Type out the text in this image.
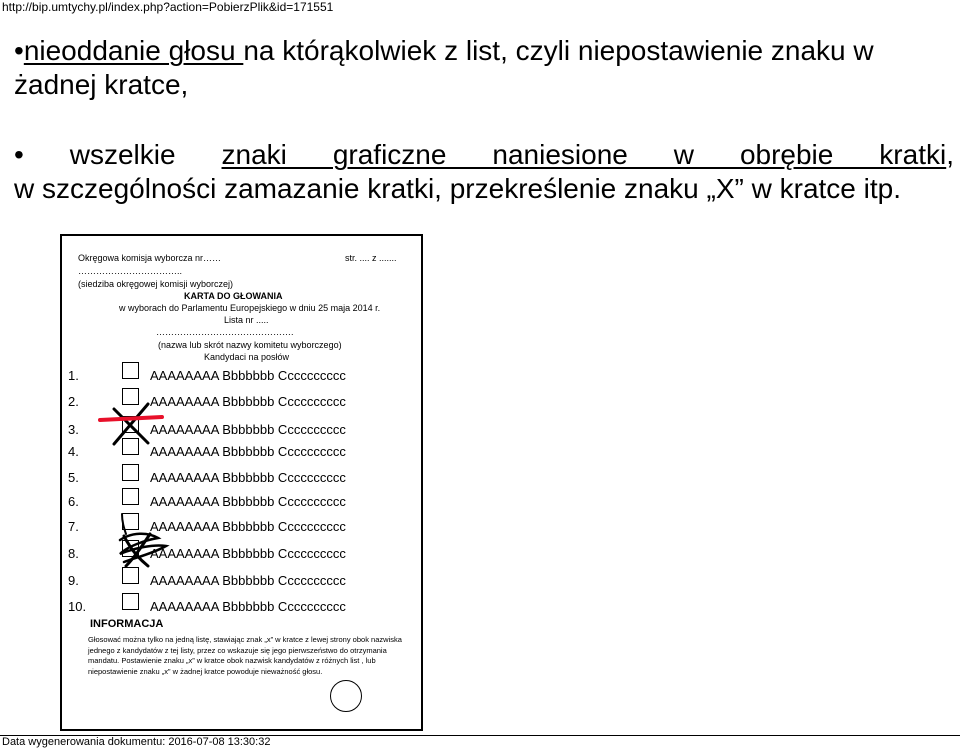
http://bip.umtychy.pl/index.php?action=PobierzPlik&id=171551
•nieoddanie głosu na którąkolwiek z list, czyli niepostawienie znaku w
żadnej kratce,
• wszelkie znaki graficzne naniesione w obrębie kratki,
w szczególności zamazanie kratki, przekreślenie znaku „X” w kratce itp.
Okręgowa komisja wyborcza nr……	str. .... z .......
……………………………..
(siedziba okręgowej komisji wyborczej)
KARTA DO GŁOWANIA
w wyborach do Parlamentu Europejskiego w dniu 25 maja 2014 r.
Lista nr .....
……………………………………….
(nazwa lub skrót nazwy komitetu wyborczego)
Kandydaci na posłów
1.	AAAAAAAA Bbbbbbb Cccccccccc
2.	AAAAAAAA Bbbbbbb Cccccccccc
3.	AAAAAAAA Bbbbbbb Cccccccccc
4.	AAAAAAAA Bbbbbbb Cccccccccc
5.	AAAAAAAA Bbbbbbb Cccccccccc
6.	AAAAAAAA Bbbbbbb Cccccccccc
7.	AAAAAAAA Bbbbbbb Cccccccccc
8.	AAAAAAAA Bbbbbbb Cccccccccc
9.	AAAAAAAA Bbbbbbb Cccccccccc
10.	AAAAAAAA Bbbbbbb Cccccccccc
INFORMACJA
Głosować można tylko na jedną listę, stawiając znak „x” w kratce z lewej strony obok nazwiska jednego z kandydatów z tej listy, przez co wskazuje się jego pierwszeństwo do otrzymania mandatu. Postawienie znaku „x” w kratce obok nazwisk kandydatów z różnych list , lub niepostawienie znaku „x” w żadnej kratce powoduje nieważność głosu.
Data wygenerowania dokumentu: 2016-07-08 13:30:32
